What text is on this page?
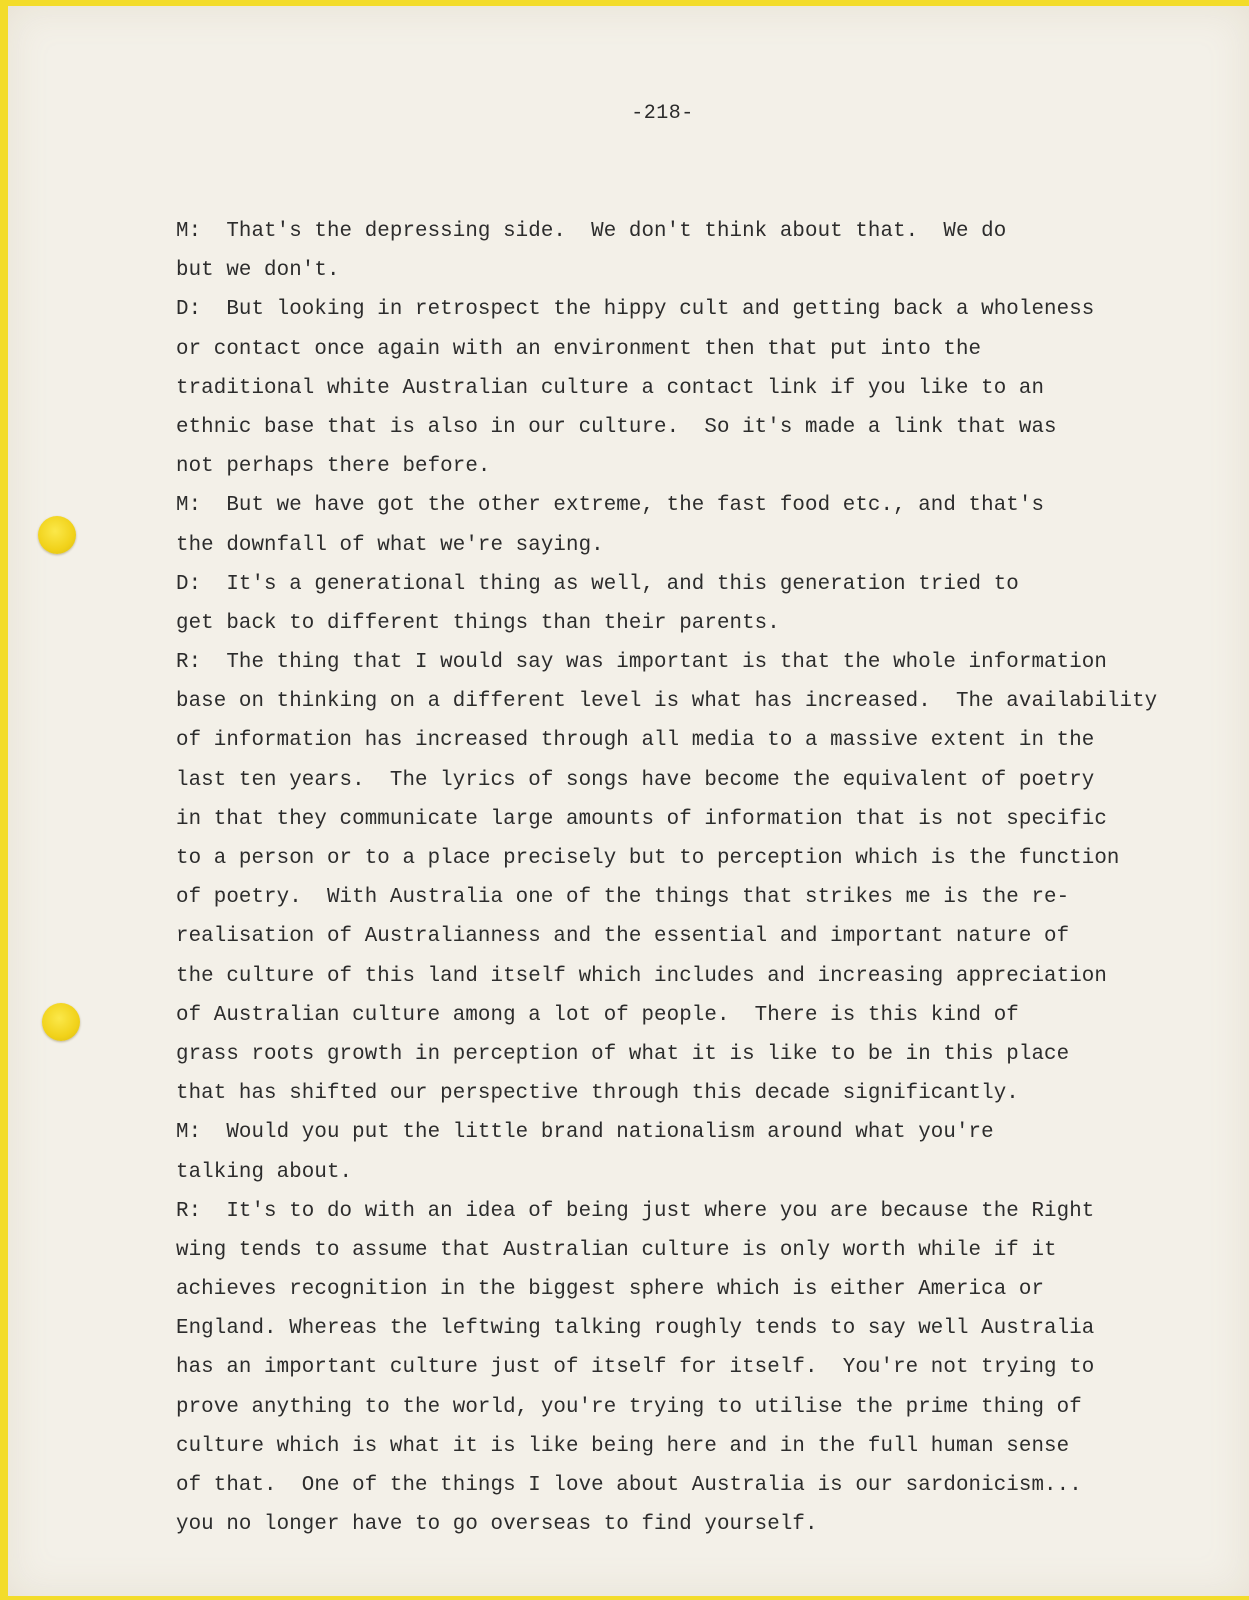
-218-
M:  That's the depressing side.  We don't think about that.  We do
but we don't.
D:  But looking in retrospect the hippy cult and getting back a wholeness
or contact once again with an environment then that put into the
traditional white Australian culture a contact link if you like to an
ethnic base that is also in our culture.  So it's made a link that was
not perhaps there before.
M:  But we have got the other extreme, the fast food etc., and that's
the downfall of what we're saying.
D:  It's a generational thing as well, and this generation tried to
get back to different things than their parents.
R:  The thing that I would say was important is that the whole information
base on thinking on a different level is what has increased.  The availability
of information has increased through all media to a massive extent in the
last ten years.  The lyrics of songs have become the equivalent of poetry
in that they communicate large amounts of information that is not specific
to a person or to a place precisely but to perception which is the function
of poetry.  With Australia one of the things that strikes me is the re-
realisation of Australianness and the essential and important nature of
the culture of this land itself which includes and increasing appreciation
of Australian culture among a lot of people.  There is this kind of
grass roots growth in perception of what it is like to be in this place
that has shifted our perspective through this decade significantly.
M:  Would you put the little brand nationalism around what you're
talking about.
R:  It's to do with an idea of being just where you are because the Right
wing tends to assume that Australian culture is only worth while if it
achieves recognition in the biggest sphere which is either America or
England. Whereas the leftwing talking roughly tends to say well Australia
has an important culture just of itself for itself.  You're not trying to
prove anything to the world, you're trying to utilise the prime thing of
culture which is what it is like being here and in the full human sense
of that.  One of the things I love about Australia is our sardonicism...
you no longer have to go overseas to find yourself.
